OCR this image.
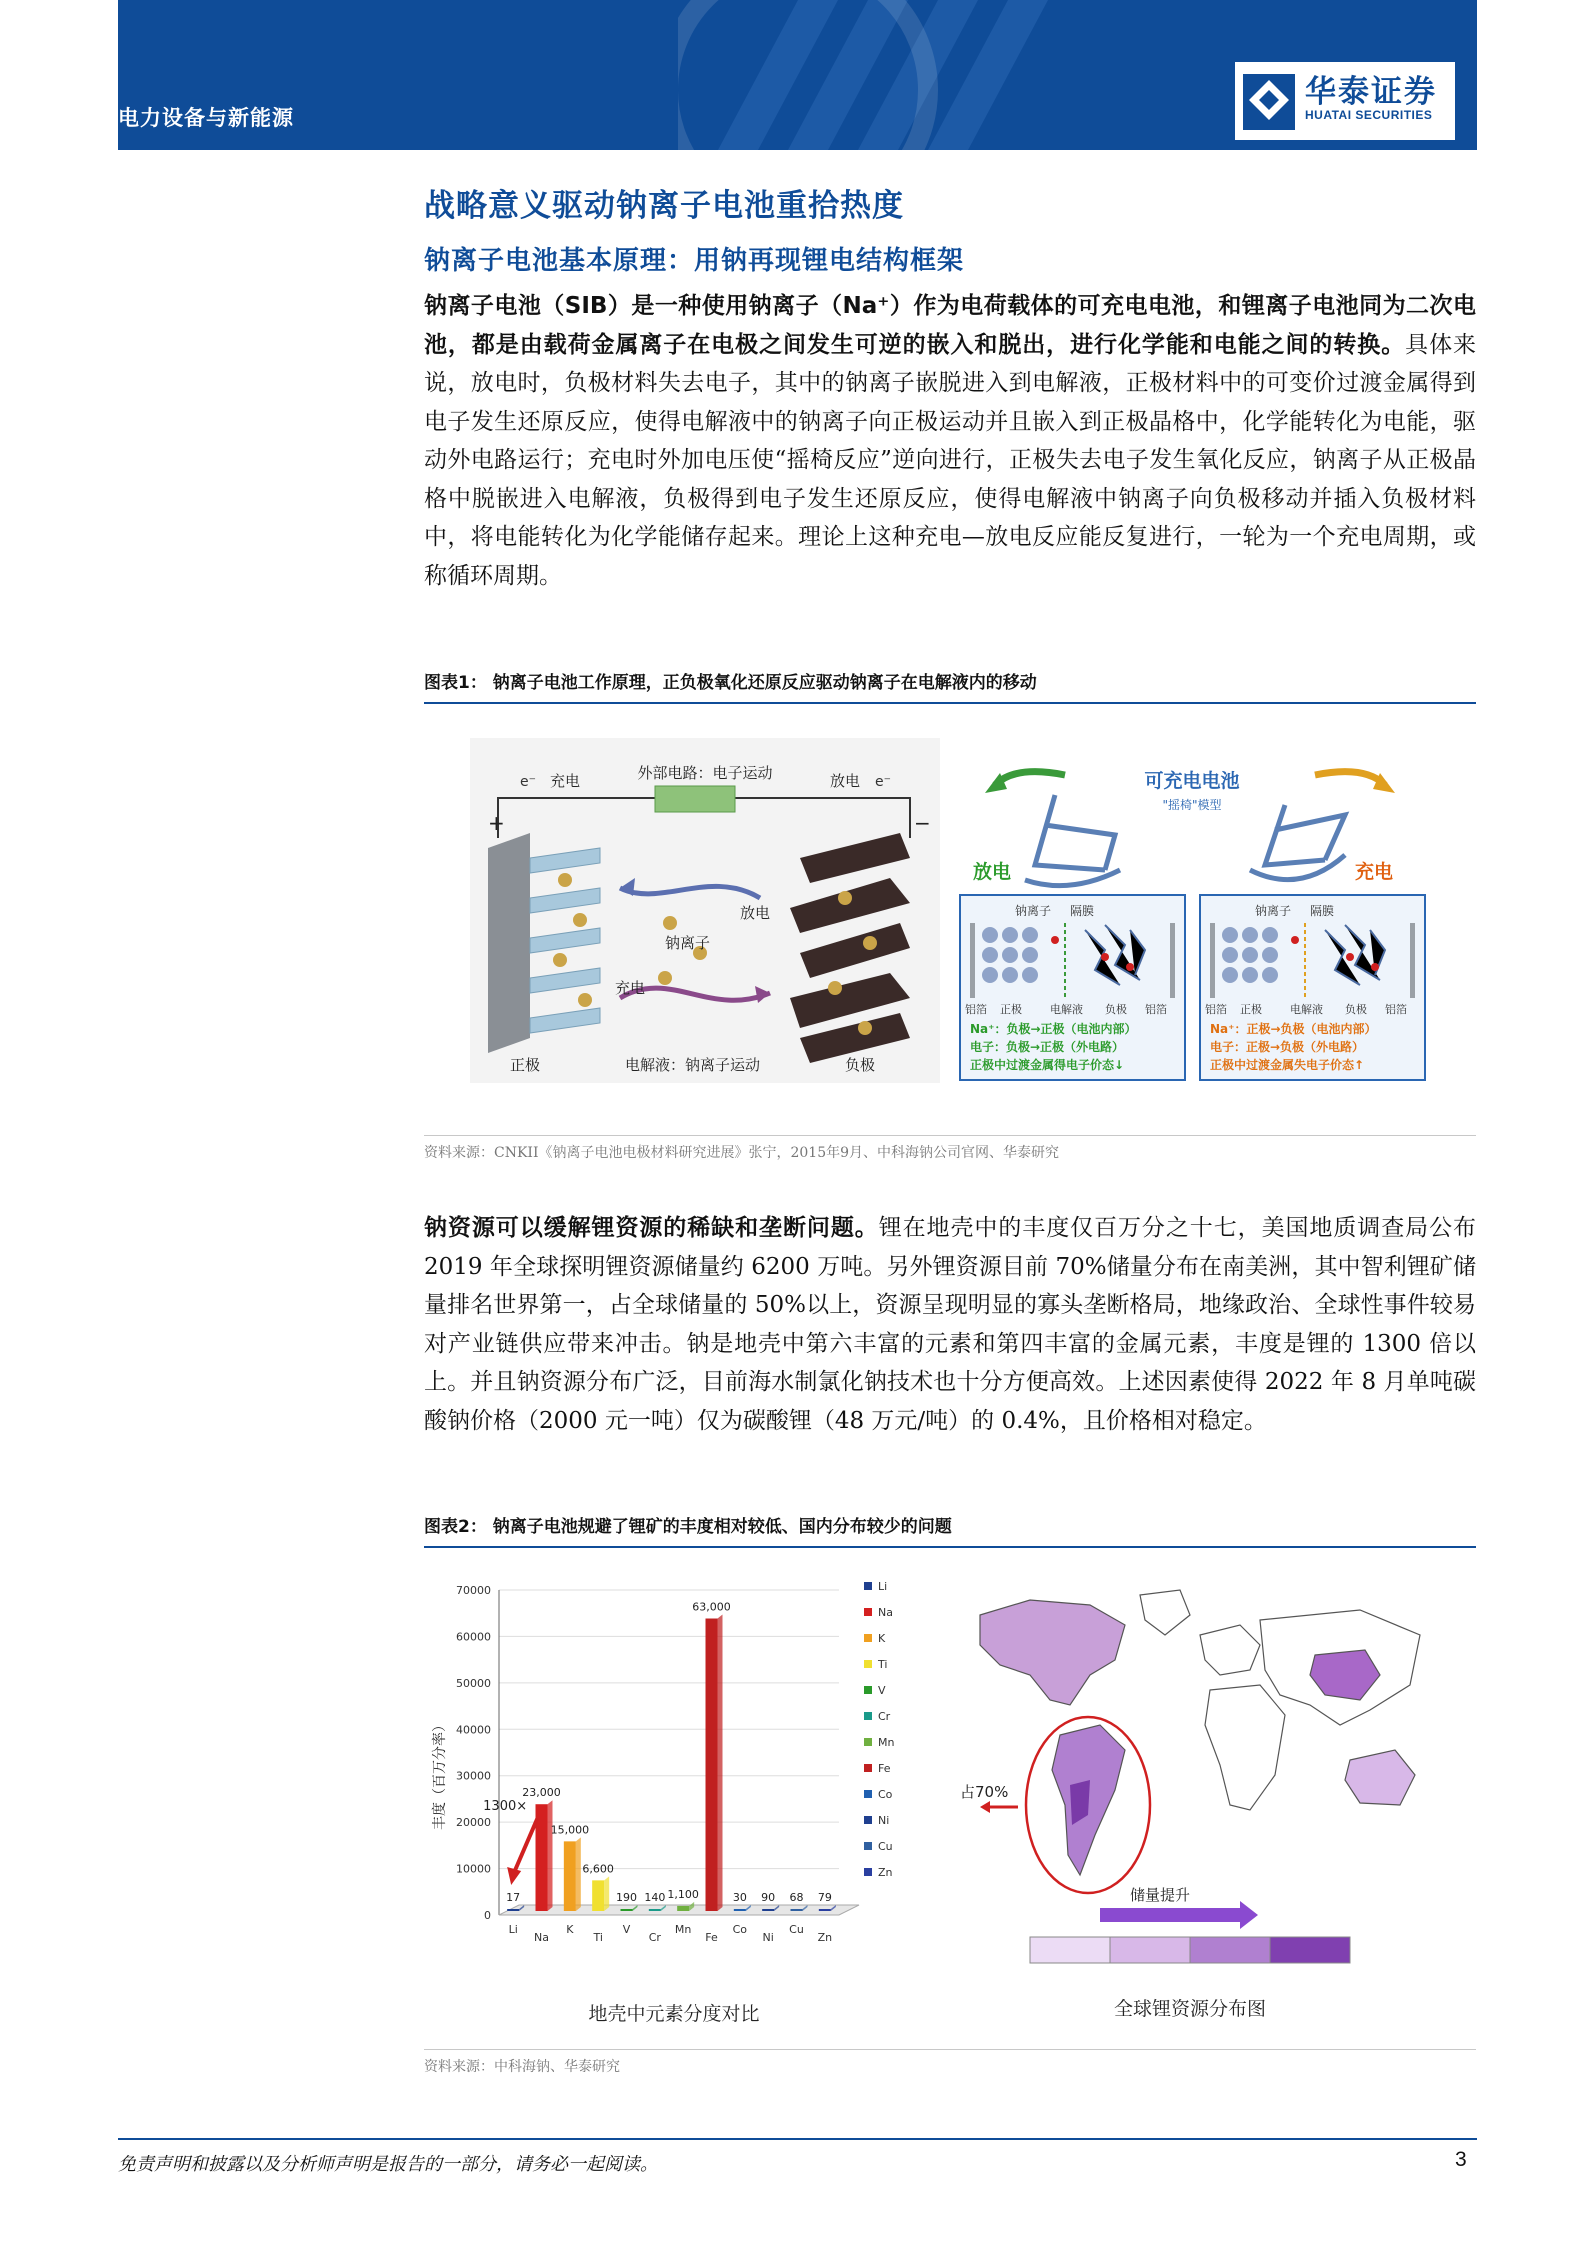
电力设备与新能源
华泰证券
HUATAI SECURITIES
战略意义驱动钠离子电池重拾热度
钠离子电池基本原理：用钠再现锂电结构框架
钠离子电池（SIB）是一种使用钠离子（Na⁺）作为电荷载体的可充电电池，和锂离子电池同为二次电池，都是由载荷金属离子在电极之间发生可逆的嵌入和脱出，进行化学能和电能之间的转换。具体来说，放电时，负极材料失去电子，其中的钠离子嵌脱进入到电解液，正极材料中的可变价过渡金属得到电子发生还原反应，使得电解液中的钠离子向正极运动并且嵌入到正极晶格中，化学能转化为电能，驱动外电路运行；充电时外加电压使“摇椅反应”逆向进行，正极失去电子发生氧化反应，钠离子从正极晶格中脱嵌进入电解液，负极得到电子发生还原反应，使得电解液中钠离子向负极移动并插入负极材料中，将电能转化为化学能储存起来。理论上这种充电—放电反应能反复进行，一轮为一个充电周期，或称循环周期。
图表1： 钠离子电池工作原理，正负极氧化还原反应驱动钠离子在电解液内的移动
外部电路：电子运动
充电	放电
e⁻	e⁻
+	−
放电
钠离子
充电
正极	电解液：钠离子运动	负极
可充电电池
"摇椅"模型
放电	充电
钠离子 隔膜
铝箔 正极	电解液 负极 铝箔
Na⁺：负极→正极（电池内部）
电子：负极→正极（外电路）
正极中过渡金属得电子价态↓
钠离子 隔膜
铝箔 正极	电解液 负极 铝箔
Na⁺：正极→负极（电池内部）
电子：正极→负极（外电路）
正极中过渡金属失电子价态↑
资料来源：CNKII《钠离子电池电极材料研究进展》张宁，2015年9月、中科海钠公司官网、华泰研究
钠资源可以缓解锂资源的稀缺和垄断问题。锂在地壳中的丰度仅百万分之十七，美国地质调查局公布 2019 年全球探明锂资源储量约 6200 万吨。另外锂资源目前 70%储量分布在南美洲，其中智利锂矿储量排名世界第一，占全球储量的 50%以上，资源呈现明显的寡头垄断格局，地缘政治、全球性事件较易对产业链供应带来冲击。钠是地壳中第六丰富的元素和第四丰富的金属元素，丰度是锂的 1300 倍以上。并且钠资源分布广泛，目前海水制氯化钠技术也十分方便高效。上述因素使得 2022 年 8 月单吨碳酸钠价格（2000 元一吨）仅为碳酸锂（48 万元/吨）的 0.4%，且价格相对稳定。
图表2： 钠离子电池规避了锂矿的丰度相对较低、国内分布较少的问题
丰度（百万分率）
地壳中元素分度对比
0
10000
20000
30000
40000
50000
60000
70000
17
Li
Li
23,000
Na
Na
15,000
K
K
6,600
Ti
Ti
190
V
V
140
Cr
Cr
1,100
Mn
Mn
63,000
Fe
Fe
30
Co
Co
90
Ni
Ni
68
Cu
Cu
79
Zn
Zn
1300×
占70%
储量提升
全球锂资源分布图
资料来源：中科海钠、华泰研究
免责声明和披露以及分析师声明是报告的一部分，请务必一起阅读。	3
